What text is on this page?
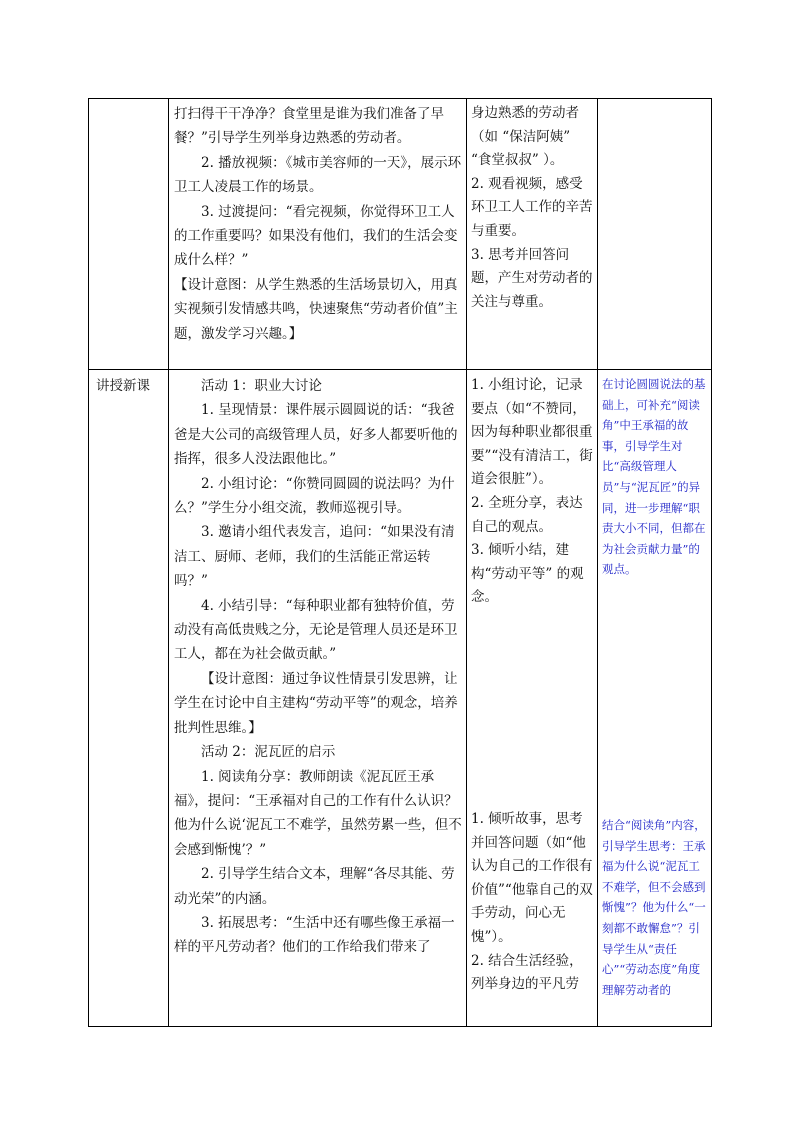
打扫得干干净净？食堂里是谁为我们准备了早餐？”引导学生列举身边熟悉的劳动者。

2. 播放视频：《城市美容师的一天》，展示环卫工人凌晨工作的场景。

3. 过渡提问：“看完视频，你觉得环卫工人的工作重要吗？如果没有他们，我们的生活会变成什么样？”

【设计意图：从学生熟悉的生活场景切入，用真实视频引发情感共鸣，快速聚焦“劳动者价值”主题，激发学习兴趣。】

身边熟悉的劳动者（如 “保洁阿姨” “食堂叔叔” ）。

2. 观看视频，感受环卫工人工作的辛苦与重要。

3. 思考并回答问题，产生对劳动者的关注与尊重。

讲授新课	活动 1：职业大讨论

1. 呈现情景：课件展示圆圆说的话：“我爸爸是大公司的高级管理人员，好多人都要听他的指挥，很多人没法跟他比。”

2. 小组讨论：“你赞同圆圆的说法吗？为什么？”学生分小组交流，教师巡视引导。

3. 邀请小组代表发言，追问：“如果没有清洁工、厨师、老师，我们的生活能正常运转吗？”

4. 小结引导：“每种职业都有独特价值，劳动没有高低贵贱之分，无论是管理人员还是环卫工人，都在为社会做贡献。”

【设计意图：通过争议性情景引发思辨，让学生在讨论中自主建构“劳动平等”的观念，培养批判性思维。】

活动 2：泥瓦匠的启示

1. 阅读角分享：教师朗读《泥瓦匠王承福》，提问：“王承福对自己的工作有什么认识？他为什么说‘泥瓦工不难学，虽然劳累一些，但不会感到惭愧’？”

2. 引导学生结合文本，理解“各尽其能、劳动光荣”的内涵。

3. 拓展思考：“生活中还有哪些像王承福一样的平凡劳动者？他们的工作给我们带来了

1. 小组讨论，记录要点（如“不赞同，因为每种职业都很重要”“没有清洁工，街道会很脏”）。

2. 全班分享，表达自己的观点。

3. 倾听小结，建构“劳动平等” 的观念。

1. 倾听故事，思考并回答问题（如“他认为自己的工作很有价值”“他靠自己的双手劳动，问心无愧”）。

2. 结合生活经验，列举身边的平凡劳

在讨论圆圆说法的基础上，可补充“阅读角”中王承福的故事，引导学生对比“高级管理人员”与“泥瓦匠”的异同，进一步理解“职责大小不同，但都在为社会贡献力量”的观点。
结合“阅读角”内容，引导学生思考：王承福为什么说“泥瓦工不难学，但不会感到惭愧”？他为什么“一刻都不敢懈怠”？引导学生从“责任心”“劳动态度”角度理解劳动者的
